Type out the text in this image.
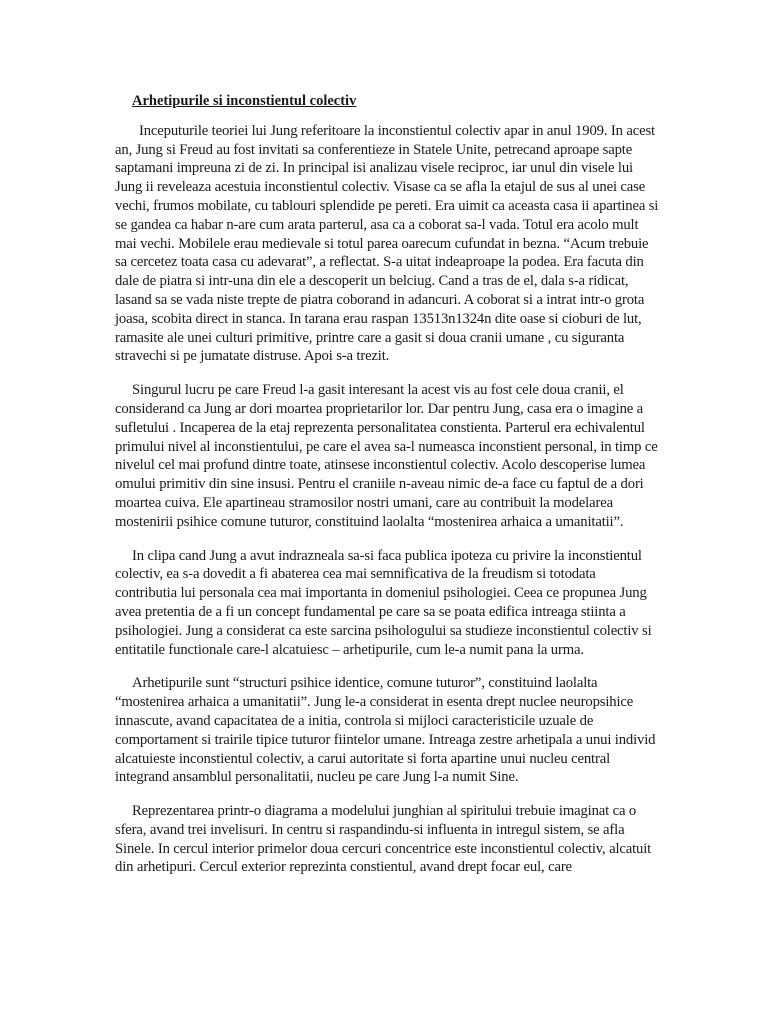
Arhetipurile si inconstientul colectiv

Inceputurile teoriei lui Jung referitoare la inconstientul colectiv apar in anul 1909. In acest an, Jung si Freud au fost invitati sa conferentieze in Statele Unite, petrecand aproape sapte saptamani impreuna zi de zi. In principal isi analizau visele reciproc, iar unul din visele lui Jung ii reveleaza acestuia inconstientul colectiv. Visase ca se afla la etajul de sus al unei case vechi, frumos mobilate, cu tablouri splendide pe pereti. Era uimit ca aceasta casa ii apartinea si se gandea ca habar n-are cum arata parterul, asa ca a coborat sa-l vada. Totul era acolo mult mai vechi. Mobilele erau medievale si totul parea oarecum cufundat in bezna. “Acum trebuie sa cercetez toata casa cu adevarat”, a reflectat. S-a uitat indeaproape la podea. Era facuta din dale de piatra si intr-una din ele a descoperit un belciug. Cand a tras de el, dala s-a ridicat, lasand sa se vada niste trepte de piatra coborand in adancuri. A coborat si a intrat intr-o grota joasa, scobita direct in stanca. In tarana erau raspan 13513n1324n dite oase si cioburi de lut, ramasite ale unei culturi primitive, printre care a gasit si doua cranii umane , cu siguranta stravechi si pe jumatate distruse. Apoi s-a trezit.

Singurul lucru pe care Freud l-a gasit interesant la acest vis au fost cele doua cranii, el considerand ca Jung ar dori moartea proprietarilor lor. Dar pentru Jung, casa era o imagine a sufletului . Incaperea de la etaj reprezenta personalitatea constienta. Parterul era echivalentul primului nivel al inconstientului, pe care el avea sa-l numeasca inconstient personal, in timp ce nivelul cel mai profund dintre toate, atinsese inconstientul colectiv. Acolo descoperise lumea omului primitiv din sine insusi. Pentru el craniile n-aveau nimic de-a face cu faptul de a dori moartea cuiva. Ele apartineau stramosilor nostri umani, care au contribuit la modelarea mostenirii psihice comune tuturor, constituind laolalta “mostenirea arhaica a umanitatii”.

In clipa cand Jung a avut indrazneala sa-si faca publica ipoteza cu privire la inconstientul colectiv, ea s-a dovedit a fi abaterea cea mai semnificativa de la freudism si totodata contributia lui personala cea mai importanta in domeniul psihologiei. Ceea ce propunea Jung avea pretentia de a fi un concept fundamental pe care sa se poata edifica intreaga stiinta a psihologiei. Jung a considerat ca este sarcina psihologului sa studieze inconstientul colectiv si entitatile functionale care-l alcatuiesc – arhetipurile, cum le-a numit pana la urma.

Arhetipurile sunt “structuri psihice identice, comune tuturor”, constituind laolalta “mostenirea arhaica a umanitatii”. Jung le-a considerat in esenta drept nuclee neuropsihice innascute, avand capacitatea de a initia, controla si mijloci caracteristicile uzuale de comportament si trairile tipice tuturor fiintelor umane. Intreaga zestre arhetipala a unui individ alcatuieste inconstientul colectiv, a carui autoritate si forta apartine unui nucleu central integrand ansamblul personalitatii, nucleu pe care Jung l-a numit Sine.

Reprezentarea printr-o diagrama a modelului junghian al spiritului trebuie imaginat ca o sfera, avand trei invelisuri. In centru si raspandindu-si influenta in intregul sistem, se afla Sinele. In cercul interior primelor doua cercuri concentrice este inconstientul colectiv, alcatuit din arhetipuri. Cercul exterior reprezinta constientul, avand drept focar eul, care
